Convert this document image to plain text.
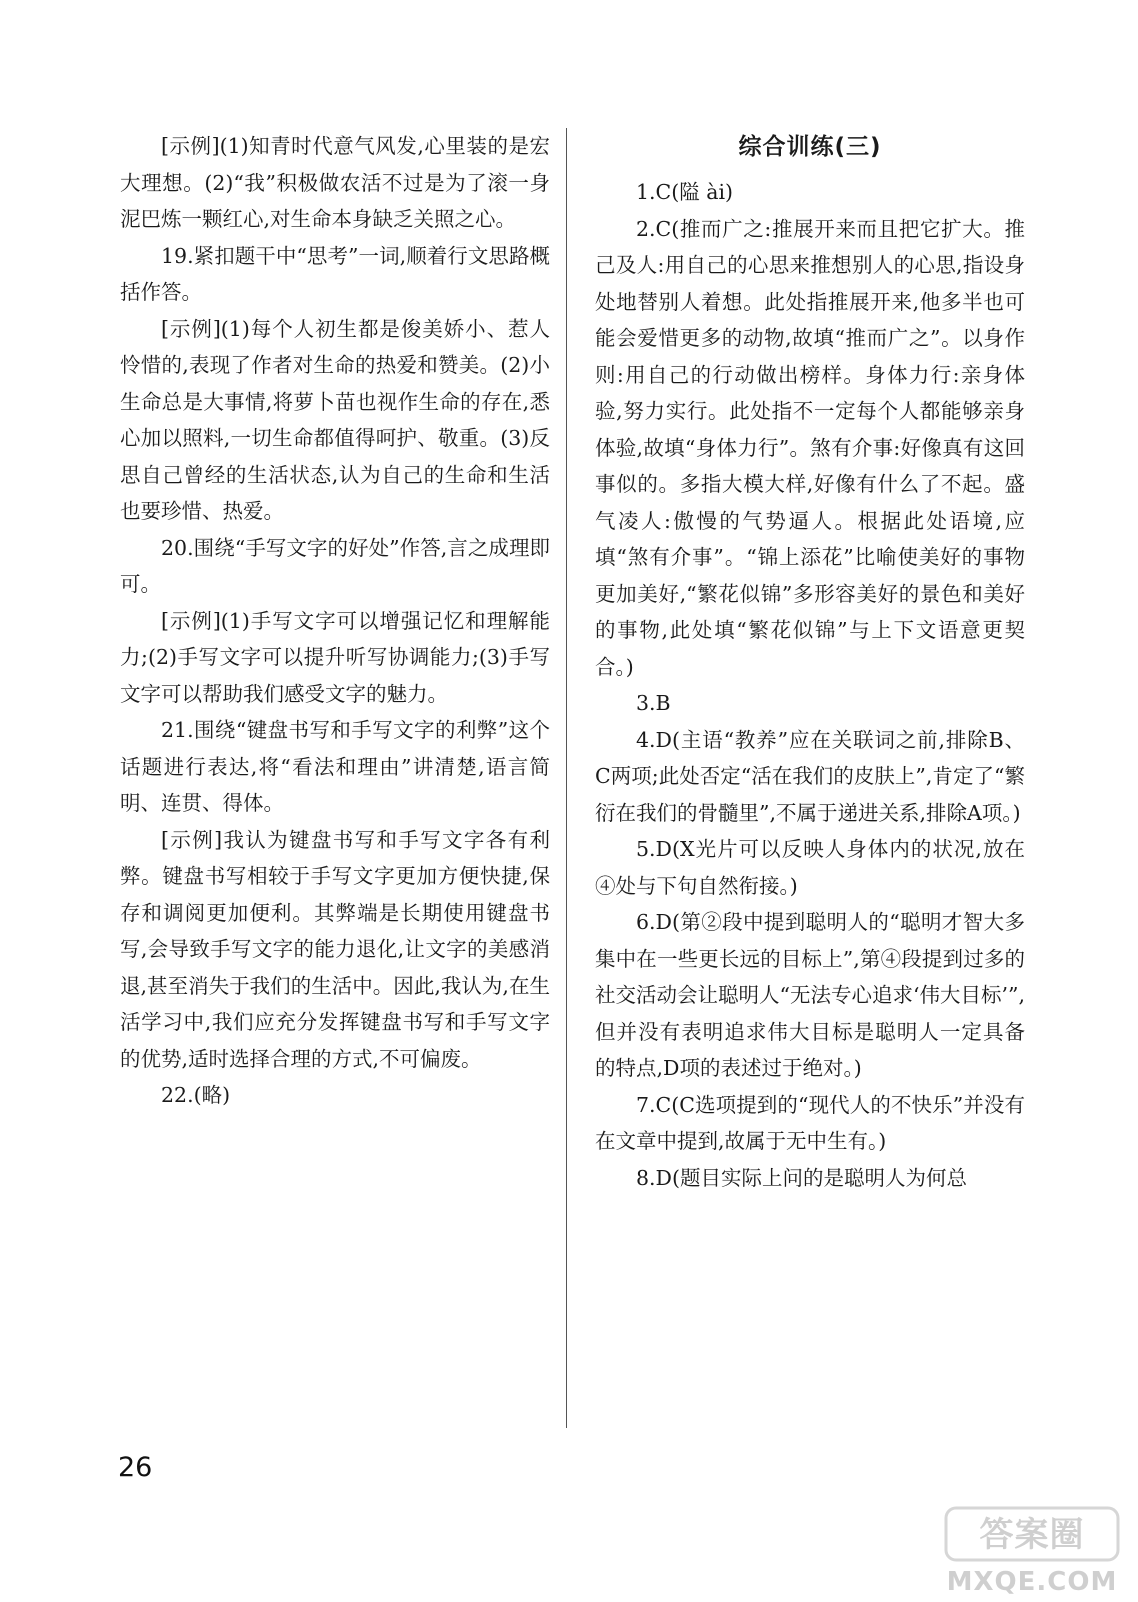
[示例](1)知青时代意气风发,心里装的是宏大理想。(2)“我”积极做农活不过是为了滚一身泥巴炼一颗红心,对生命本身缺乏关照之心。

19.紧扣题干中“思考”一词,顺着行文思路概括作答。

[示例](1)每个人初生都是俊美娇小、惹人怜惜的,表现了作者对生命的热爱和赞美。(2)小生命总是大事情,将萝卜苗也视作生命的存在,悉心加以照料,一切生命都值得呵护、敬重。(3)反思自己曾经的生活状态,认为自己的生命和生活也要珍惜、热爱。

20.围绕“手写文字的好处”作答,言之成理即可。

[示例](1)手写文字可以增强记忆和理解能力;(2)手写文字可以提升听写协调能力;(3)手写文字可以帮助我们感受文字的魅力。

21.围绕“键盘书写和手写文字的利弊”这个话题进行表达,将“看法和理由”讲清楚,语言简明、连贯、得体。

[示例]我认为键盘书写和手写文字各有利弊。键盘书写相较于手写文字更加方便快捷,保存和调阅更加便利。其弊端是长期使用键盘书写,会导致手写文字的能力退化,让文字的美感消退,甚至消失于我们的生活中。因此,我认为,在生活学习中,我们应充分发挥键盘书写和手写文字的优势,适时选择合理的方式,不可偏废。

22.(略)

综合训练(三)

1.C(隘 ài)

2.C(推而广之:推展开来而且把它扩大。推己及人:用自己的心思来推想别人的心思,指设身处地替别人着想。此处指推展开来,他多半也可能会爱惜更多的动物,故填“推而广之”。以身作则:用自己的行动做出榜样。身体力行:亲身体验,努力实行。此处指不一定每个人都能够亲身体验,故填“身体力行”。煞有介事:好像真有这回事似的。多指大模大样,好像有什么了不起。盛气凌人:傲慢的气势逼人。根据此处语境,应填“煞有介事”。“锦上添花”比喻使美好的事物更加美好,“繁花似锦”多形容美好的景色和美好的事物,此处填“繁花似锦”与上下文语意更契合。)

3.B

4.D(主语“教养”应在关联词之前,排除B、C两项;此处否定“活在我们的皮肤上”,肯定了“繁衍在我们的骨髓里”,不属于递进关系,排除A项。)

5.D(X光片可以反映人身体内的状况,放在④处与下句自然衔接。)

6.D(第②段中提到聪明人的“聪明才智大多集中在一些更长远的目标上”,第④段提到过多的社交活动会让聪明人“无法专心追求‘伟大目标’”,但并没有表明追求伟大目标是聪明人一定具备的特点,D项的表述过于绝对。)

7.C(C选项提到的“现代人的不快乐”并没有在文章中提到,故属于无中生有。)

8.D(题目实际上问的是聪明人为何总

26
答案圈
MXQE.COM
